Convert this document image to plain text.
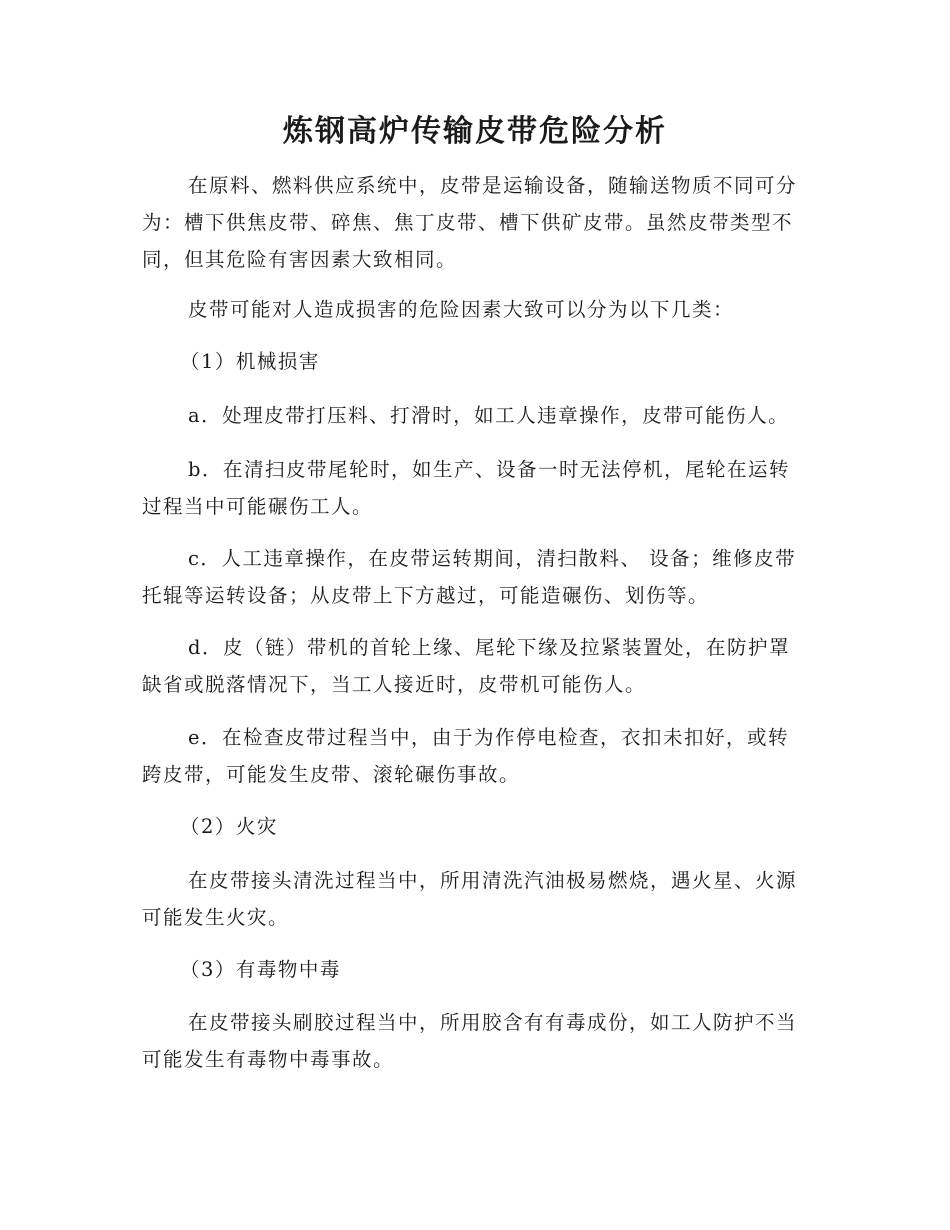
炼钢高炉传输皮带危险分析

在原料、燃料供应系统中，皮带是运输设备，随输送物质不同可分为：槽下供焦皮带、碎焦、焦丁皮带、槽下供矿皮带。虽然皮带类型不同，但其危险有害因素大致相同。

皮带可能对人造成损害的危险因素大致可以分为以下几类：

（1）机械损害

a．处理皮带打压料、打滑时，如工人违章操作，皮带可能伤人。

b．在清扫皮带尾轮时，如生产、设备一时无法停机，尾轮在运转过程当中可能碾伤工人。

c．人工违章操作，在皮带运转期间，清扫散料、 设备；维修皮带托辊等运转设备；从皮带上下方越过，可能造碾伤、划伤等。

d．皮（链）带机的首轮上缘、尾轮下缘及拉紧装置处，在防护罩缺省或脱落情况下，当工人接近时，皮带机可能伤人。

e．在检查皮带过程当中，由于为作停电检查，衣扣未扣好，或转跨皮带，可能发生皮带、滚轮碾伤事故。

（2）火灾

在皮带接头清洗过程当中，所用清洗汽油极易燃烧，遇火星、火源可能发生火灾。

（3）有毒物中毒

在皮带接头刷胶过程当中，所用胶含有有毒成份，如工人防护不当可能发生有毒物中毒事故。
